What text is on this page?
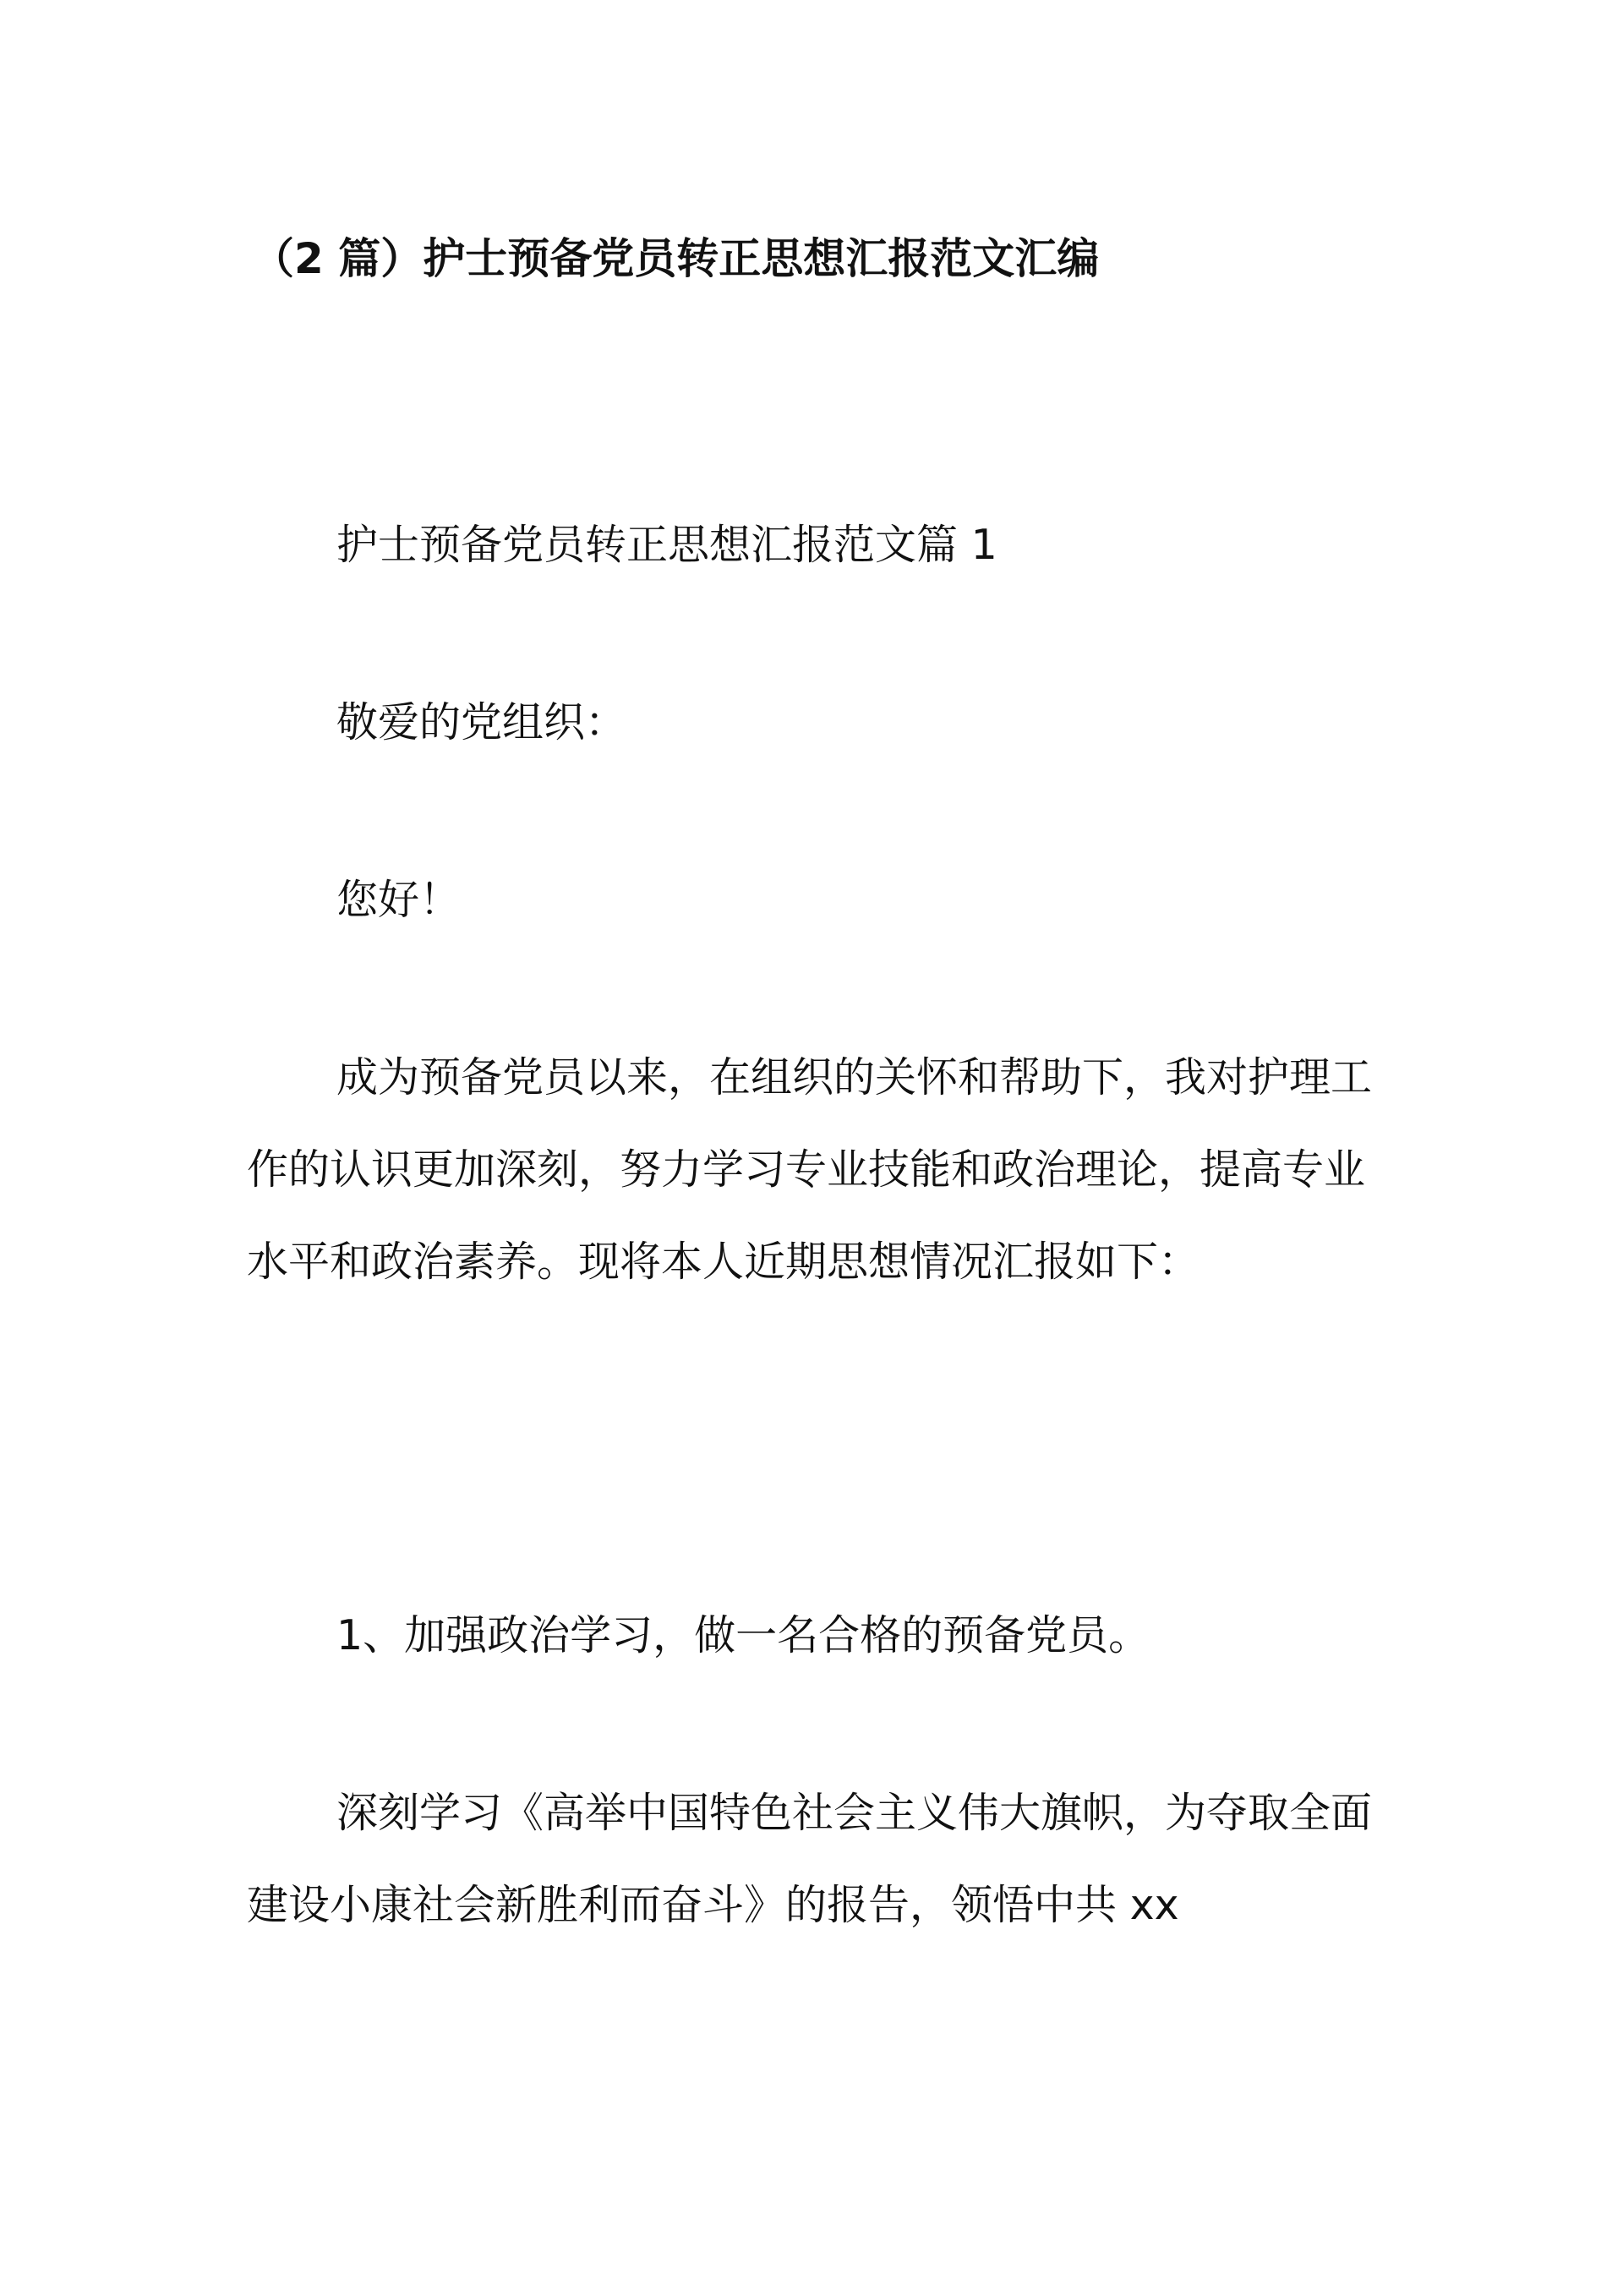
（2 篇）护士预备党员转正思想汇报范文汇编

护士预备党员转正思想汇报范文篇 1

敬爱的党组织：

您好！

成为预备党员以来，在组织的关怀和帮助下，我对护理工作的认识更加深刻，努力学习专业技能和政治理论，提高专业水平和政治素养。现将本人近期思想情况汇报如下：

1、加强政治学习，做一名合格的预备党员。

深刻学习《高举中国特色社会主义伟大旗帜，为夺取全面建设小康社会新胜利而奋斗》的报告，领悟中共 xx
